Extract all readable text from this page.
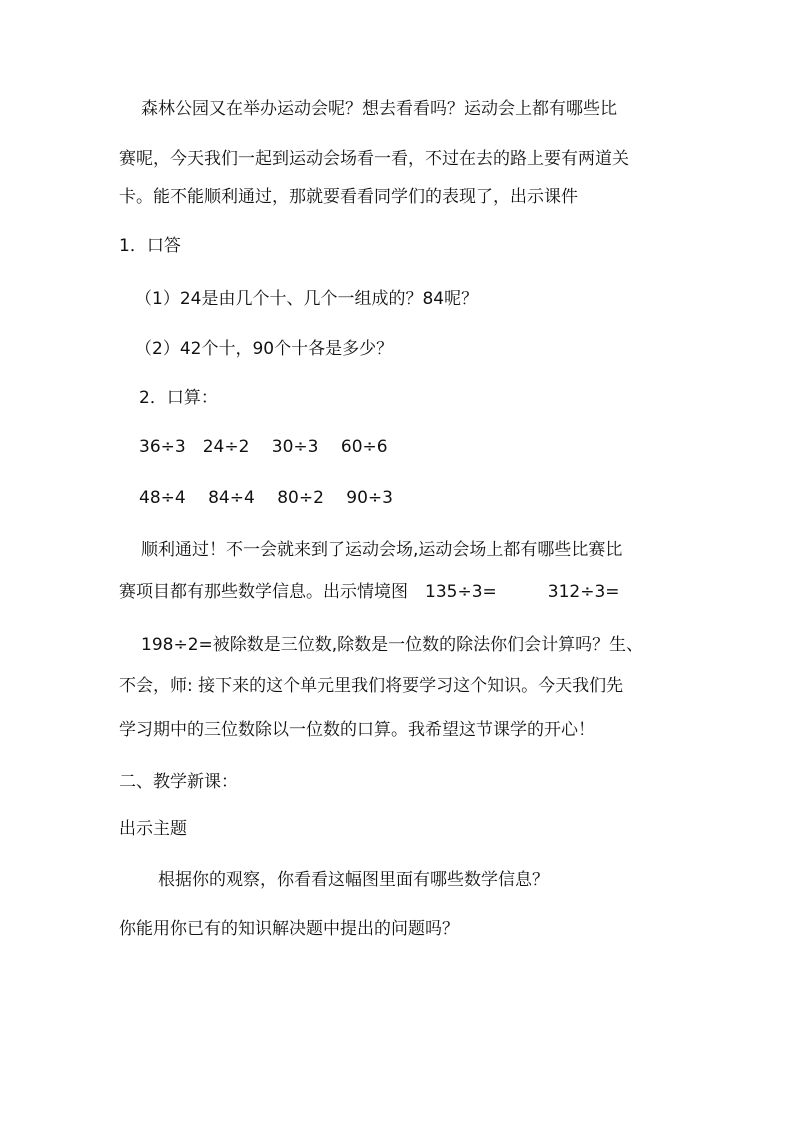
森林公园又在举办运动会呢？想去看看吗？运动会上都有哪些比
赛呢，今天我们一起到运动会场看一看，不过在去的路上要有两道关
卡。能不能顺利通过，那就要看看同学们的表现了，出示课件
1．口答
（1）24是由几个十、几个一组成的？84呢？
（2）42个十，90个十各是多少？
2．口算：
36÷3　24÷2　 30÷3　 60÷6
48÷4　 84÷4　 80÷2　 90÷3
顺利通过！不一会就来到了运动会场,运动会场上都有哪些比赛比
赛项目都有那些数学信息。出示情境图　135÷3=　　　312÷3=
198÷2=被除数是三位数,除数是一位数的除法你们会计算吗？生、
不会，师: 接下来的这个单元里我们将要学习这个知识。今天我们先
学习期中的三位数除以一位数的口算。我希望这节课学的开心！
二、教学新课：
出示主题
根据你的观察，你看看这幅图里面有哪些数学信息？
你能用你已有的知识解决题中提出的问题吗？
